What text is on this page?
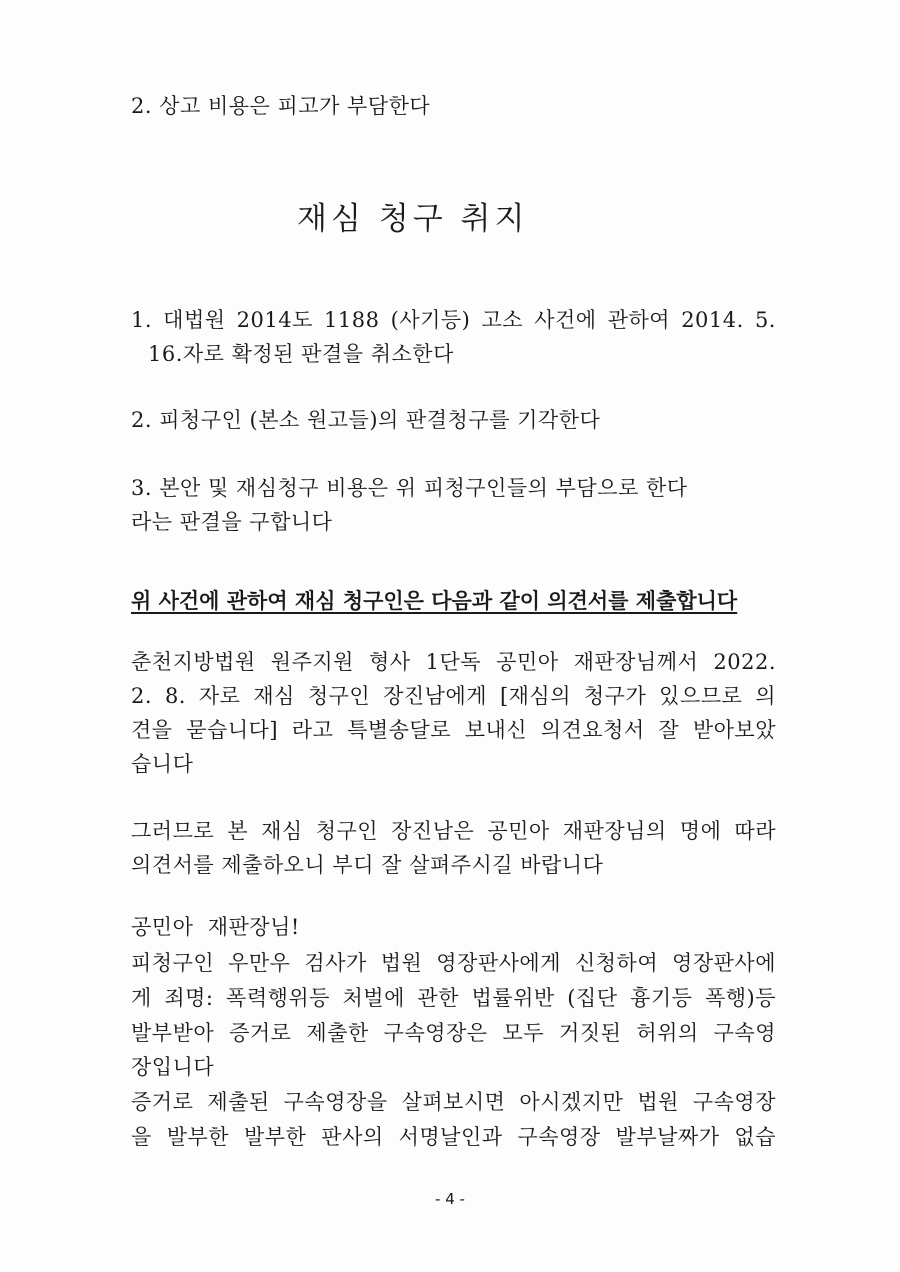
2. 상고 비용은 피고가 부담한다
재심 청구 취지
1. 대법원 2014도 1188 (사기등) 고소 사건에 관하여 2014. 5.
16.자로 확정된 판결을 취소한다
2. 피청구인 (본소 원고들)의 판결청구를 기각한다
3. 본안 및 재심청구 비용은 위 피청구인들의 부담으로 한다
라는 판결을 구합니다
위 사건에 관하여 재심 청구인은 다음과 같이 의견서를 제출합니다
춘천지방법원 원주지원 형사 1단독 공민아 재판장님께서 2022.
2. 8. 자로 재심 청구인 장진남에게 [재심의 청구가 있으므로 의
견을 묻습니다] 라고 특별송달로 보내신 의견요청서 잘 받아보았
습니다
그러므로 본 재심 청구인 장진남은 공민아 재판장님의 명에 따라
의견서를 제출하오니 부디 잘 살펴주시길 바랍니다
공민아  재판장님!
피청구인 우만우 검사가 법원 영장판사에게 신청하여 영장판사에
게 죄명: 폭력행위등 처벌에 관한 법률위반 (집단 흉기등 폭행)등
발부받아 증거로 제출한 구속영장은 모두 거짓된 허위의 구속영
장입니다
증거로 제출된 구속영장을 살펴보시면 아시겠지만 법원 구속영장
을 발부한 발부한 판사의 서명날인과 구속영장 발부날짜가 없습
- 4 -
